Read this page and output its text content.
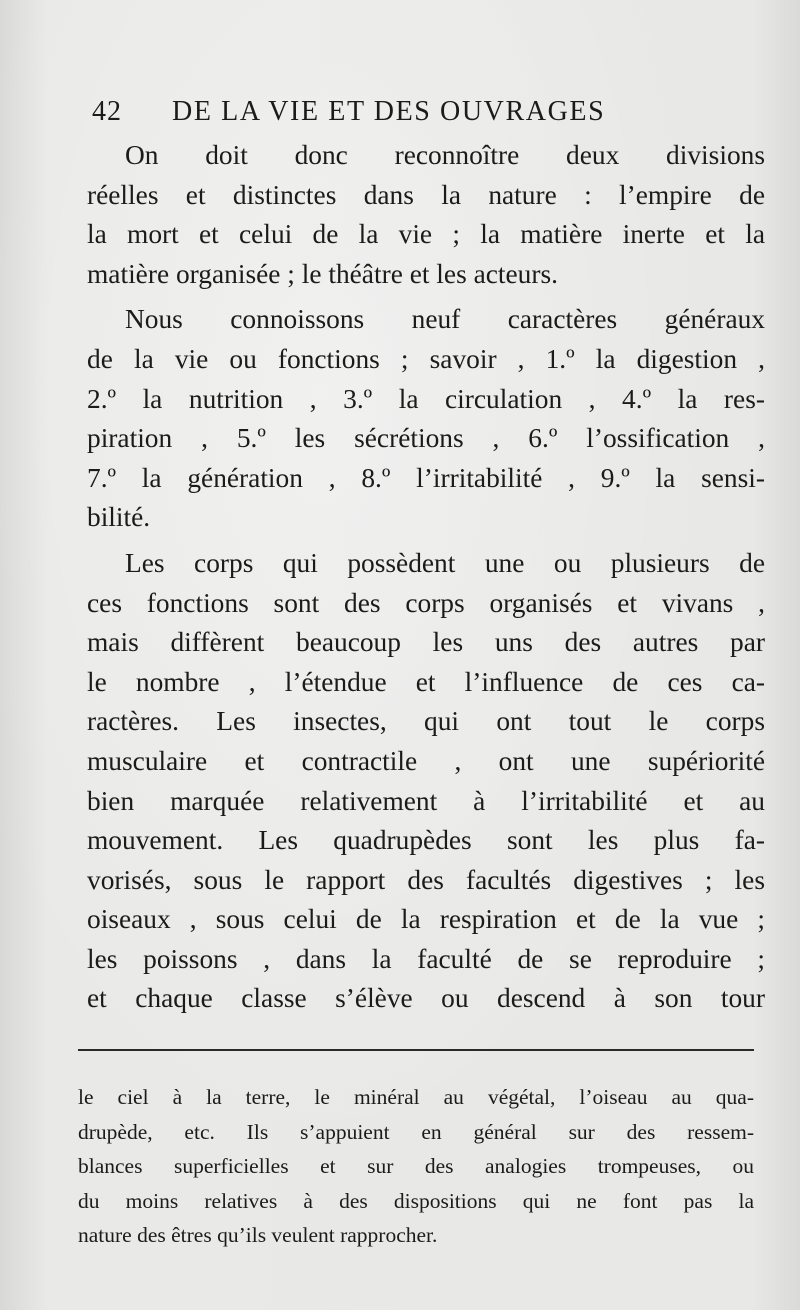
42 DE LA VIE ET DES OUVRAGES

On doit donc reconnoître deux divisions
réelles et distinctes dans la nature : l’empire de
la mort et celui de la vie ; la matière inerte et la
matière organisée ; le théâtre et les acteurs.

Nous connoissons neuf caractères généraux
de la vie ou fonctions ; savoir , 1.º la digestion ,
2.º la nutrition , 3.º la circulation , 4.º la res-
piration , 5.º les sécrétions , 6.º l’ossification ,
7.º la génération , 8.º l’irritabilité , 9.º la sensi-
bilité.

Les corps qui possèdent une ou plusieurs de
ces fonctions sont des corps organisés et vivans ,
mais diffèrent beaucoup les uns des autres par
le nombre , l’étendue et l’influence de ces ca-
ractères. Les insectes, qui ont tout le corps
musculaire et contractile , ont une supériorité
bien marquée relativement à l’irritabilité et au
mouvement. Les quadrupèdes sont les plus fa-
vorisés, sous le rapport des facultés digestives ; les
oiseaux , sous celui de la respiration et de la vue ;
les poissons , dans la faculté de se reproduire ;
et chaque classe s’élève ou descend à son tour

le ciel à la terre, le minéral au végétal, l’oiseau au qua-
drupède, etc. Ils s’appuient en général sur des ressem-
blances superficielles et sur des analogies trompeuses, ou
du moins relatives à des dispositions qui ne font pas la
nature des êtres qu’ils veulent rapprocher.
